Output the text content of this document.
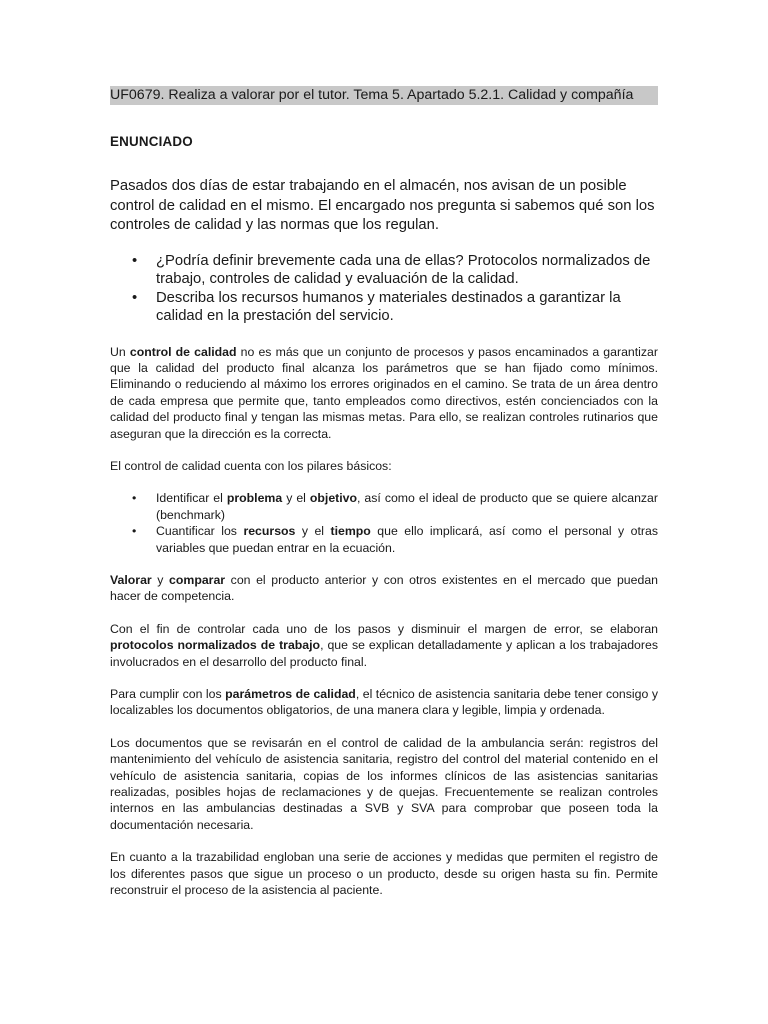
UF0679. Realiza a valorar por el tutor. Tema 5. Apartado 5.2.1. Calidad y compañía
ENUNCIADO
Pasados dos días de estar trabajando en el almacén, nos avisan de un posible control de calidad en el mismo. El encargado nos pregunta si sabemos qué son los controles de calidad y las normas que los regulan.
• ¿Podría definir brevemente cada una de ellas? Protocolos normalizados de trabajo, controles de calidad y evaluación de la calidad.
• Describa los recursos humanos y materiales destinados a garantizar la calidad en la prestación del servicio.
Un control de calidad no es más que un conjunto de procesos y pasos encaminados a garantizar que la calidad del producto final alcanza los parámetros que se han fijado como mínimos. Eliminando o reduciendo al máximo los errores originados en el camino. Se trata de un área dentro de cada empresa que permite que, tanto empleados como directivos, estén concienciados con la calidad del producto final y tengan las mismas metas. Para ello, se realizan controles rutinarios que aseguran que la dirección es la correcta.
El control de calidad cuenta con los pilares básicos:
• Identificar el problema y el objetivo, así como el ideal de producto que se quiere alcanzar (benchmark)
• Cuantificar los recursos y el tiempo que ello implicará, así como el personal y otras variables que puedan entrar en la ecuación.
Valorar y comparar con el producto anterior y con otros existentes en el mercado que puedan hacer de competencia.
Con el fin de controlar cada uno de los pasos y disminuir el margen de error, se elaboran protocolos normalizados de trabajo, que se explican detalladamente y aplican a los trabajadores involucrados en el desarrollo del producto final.
Para cumplir con los parámetros de calidad, el técnico de asistencia sanitaria debe tener consigo y localizables los documentos obligatorios, de una manera clara y legible, limpia y ordenada.
Los documentos que se revisarán en el control de calidad de la ambulancia serán: registros del mantenimiento del vehículo de asistencia sanitaria, registro del control del material contenido en el vehículo de asistencia sanitaria, copias de los informes clínicos de las asistencias sanitarias realizadas, posibles hojas de reclamaciones y de quejas. Frecuentemente se realizan controles internos en las ambulancias destinadas a SVB y SVA para comprobar que poseen toda la documentación necesaria.
En cuanto a la trazabilidad engloban una serie de acciones y medidas que permiten el registro de los diferentes pasos que sigue un proceso o un producto, desde su origen hasta su fin. Permite reconstruir el proceso de la asistencia al paciente.
